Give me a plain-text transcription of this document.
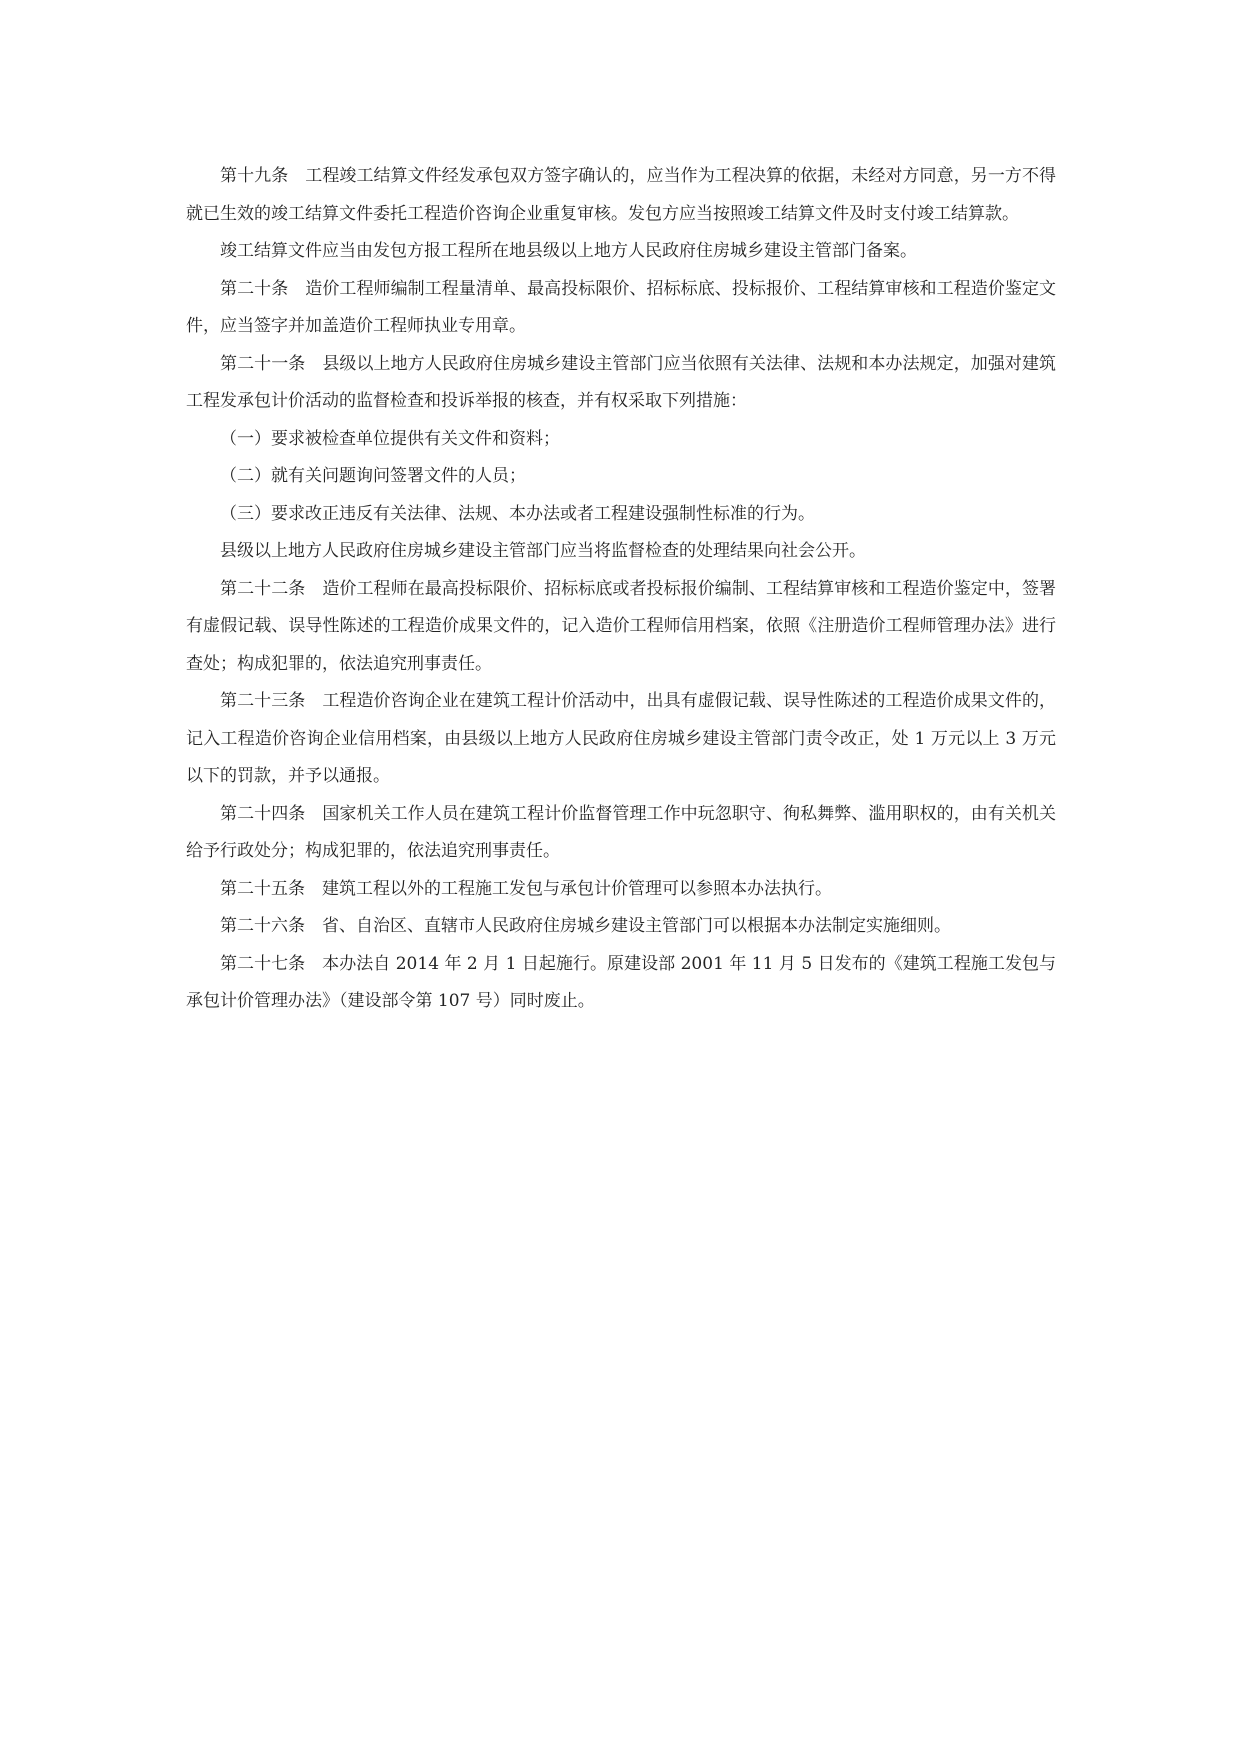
第十九条 工程竣工结算文件经发承包双方签字确认的，应当作为工程决算的依据，未经对方同意，另一方不得就已生效的竣工结算文件委托工程造价咨询企业重复审核。发包方应当按照竣工结算文件及时支付竣工结算款。

竣工结算文件应当由发包方报工程所在地县级以上地方人民政府住房城乡建设主管部门备案。

第二十条 造价工程师编制工程量清单、最高投标限价、招标标底、投标报价、工程结算审核和工程造价鉴定文件，应当签字并加盖造价工程师执业专用章。

第二十一条 县级以上地方人民政府住房城乡建设主管部门应当依照有关法律、法规和本办法规定，加强对建筑工程发承包计价活动的监督检查和投诉举报的核查，并有权采取下列措施：

（一）要求被检查单位提供有关文件和资料；

（二）就有关问题询问签署文件的人员；

（三）要求改正违反有关法律、法规、本办法或者工程建设强制性标准的行为。

县级以上地方人民政府住房城乡建设主管部门应当将监督检查的处理结果向社会公开。

第二十二条 造价工程师在最高投标限价、招标标底或者投标报价编制、工程结算审核和工程造价鉴定中，签署有虚假记载、误导性陈述的工程造价成果文件的，记入造价工程师信用档案，依照《注册造价工程师管理办法》进行查处；构成犯罪的，依法追究刑事责任。

第二十三条 工程造价咨询企业在建筑工程计价活动中，出具有虚假记载、误导性陈述的工程造价成果文件的，记入工程造价咨询企业信用档案，由县级以上地方人民政府住房城乡建设主管部门责令改正，处 1 万元以上 3 万元以下的罚款，并予以通报。

第二十四条 国家机关工作人员在建筑工程计价监督管理工作中玩忽职守、徇私舞弊、滥用职权的，由有关机关给予行政处分；构成犯罪的，依法追究刑事责任。

第二十五条 建筑工程以外的工程施工发包与承包计价管理可以参照本办法执行。

第二十六条 省、自治区、直辖市人民政府住房城乡建设主管部门可以根据本办法制定实施细则。

第二十七条 本办法自 2014 年 2 月 1 日起施行。原建设部 2001 年 11 月 5 日发布的《建筑工程施工发包与承包计价管理办法》（建设部令第 107 号）同时废止。
